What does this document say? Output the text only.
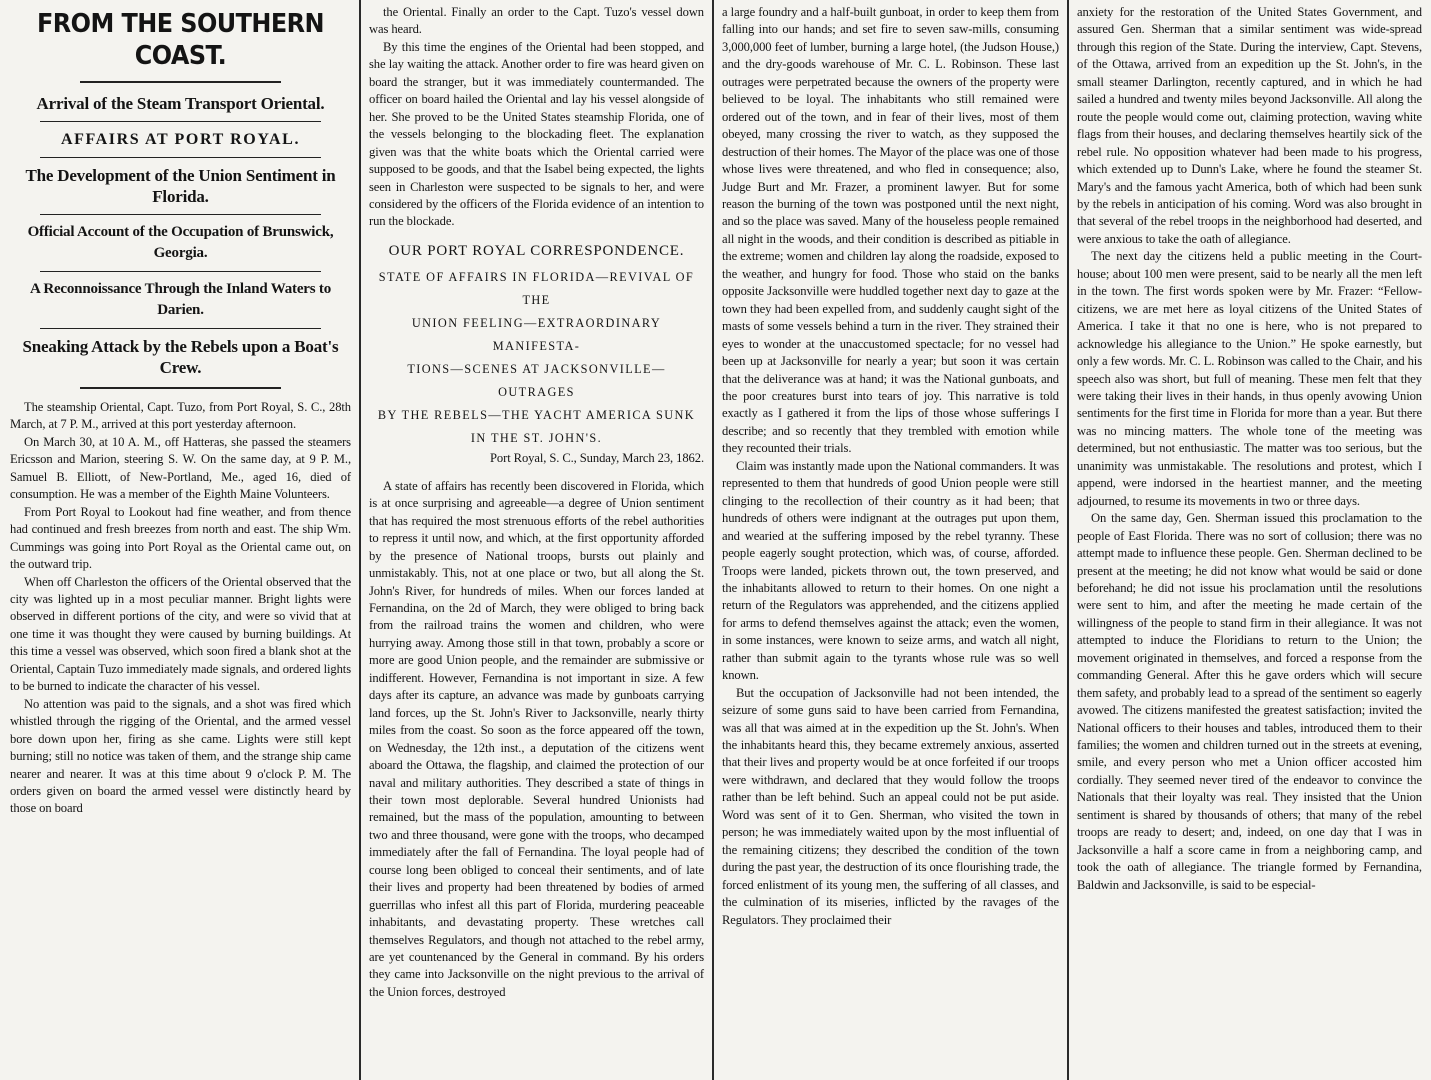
FROM THE SOUTHERN COAST.
Arrival of the Steam Transport Oriental.
AFFAIRS AT PORT ROYAL.
The Development of the Union Sentiment in Florida.
Official Account of the Occupation of Brunswick, Georgia.
A Reconnoissance Through the Inland Waters to Darien.
Sneaking Attack by the Rebels upon a Boat's Crew.

The steamship Oriental, Capt. Tuzo, from Port Royal, S. C., 28th March, at 7 P. M., arrived at this port yesterday afternoon.

On March 30, at 10 A. M., off Hatteras, she passed the steamers Ericsson and Marion, steering S. W. On the same day, at 9 P. M., Samuel B. Elliott, of New-Portland, Me., aged 16, died of consumption. He was a member of the Eighth Maine Volunteers.

From Port Royal to Lookout had fine weather, and from thence had continued and fresh breezes from north and east. The ship Wm. Cummings was going into Port Royal as the Oriental came out, on the outward trip.

When off Charleston the officers of the Oriental observed that the city was lighted up in a most peculiar manner. Bright lights were observed in different portions of the city, and were so vivid that at one time it was thought they were caused by burning buildings. At this time a vessel was observed, which soon fired a blank shot at the Oriental, Captain Tuzo immediately made signals, and ordered lights to be burned to indicate the character of his vessel.

No attention was paid to the signals, and a shot was fired which whistled through the rigging of the Oriental, and the armed vessel bore down upon her, firing as she came. Lights were still kept burning; still no notice was taken of them, and the strange ship came nearer and nearer. It was at this time about 9 o'clock P. M. The orders given on board the armed vessel were distinctly heard by those on board

the Oriental. Finally an order to the Capt. Tuzo's vessel down was heard.

By this time the engines of the Oriental had been stopped, and she lay waiting the attack. Another order to fire was heard given on board the stranger, but it was immediately countermanded. The officer on board hailed the Oriental and lay his vessel alongside of her. She proved to be the United States steamship Florida, one of the vessels belonging to the blockading fleet. The explanation given was that the white boats which the Oriental carried were supposed to be goods, and that the Isabel being expected, the lights seen in Charleston were suspected to be signals to her, and were considered by the officers of the Florida evidence of an intention to run the blockade.

OUR PORT ROYAL CORRESPONDENCE.

STATE OF AFFAIRS IN FLORIDA—REVIVAL OF THE

UNION FEELING—EXTRAORDINARY MANIFESTA-

TIONS—SCENES AT JACKSONVILLE—OUTRAGES

BY THE REBELS—THE YACHT AMERICA SUNK

IN THE ST. JOHN'S.

Port Royal, S. C., Sunday, March 23, 1862.

A state of affairs has recently been discovered in Florida, which is at once surprising and agreeable—a degree of Union sentiment that has required the most strenuous efforts of the rebel authorities to repress it until now, and which, at the first opportunity afforded by the presence of National troops, bursts out plainly and unmistakably. This, not at one place or two, but all along the St. John's River, for hundreds of miles. When our forces landed at Fernandina, on the 2d of March, they were obliged to bring back from the railroad trains the women and children, who were hurrying away. Among those still in that town, probably a score or more are good Union people, and the remainder are submissive or indifferent. However, Fernandina is not important in size. A few days after its capture, an advance was made by gunboats carrying land forces, up the St. John's River to Jacksonville, nearly thirty miles from the coast. So soon as the force appeared off the town, on Wednesday, the 12th inst., a deputation of the citizens went aboard the Ottawa, the flagship, and claimed the protection of our naval and military authorities. They described a state of things in their town most deplorable. Several hundred Unionists had remained, but the mass of the population, amounting to between two and three thousand, were gone with the troops, who decamped immediately after the fall of Fernandina. The loyal people had of course long been obliged to conceal their sentiments, and of late their lives and property had been threatened by bodies of armed guerrillas who infest all this part of Florida, murdering peaceable inhabitants, and devastating property. These wretches call themselves Regulators, and though not attached to the rebel army, are yet countenanced by the General in command. By his orders they came into Jacksonville on the night previous to the arrival of the Union forces, destroyed

a large foundry and a half-built gunboat, in order to keep them from falling into our hands; and set fire to seven saw-mills, consuming 3,000,000 feet of lumber, burning a large hotel, (the Judson House,) and the dry-goods warehouse of Mr. C. L. Robinson. These last outrages were perpetrated because the owners of the property were believed to be loyal. The inhabitants who still remained were ordered out of the town, and in fear of their lives, most of them obeyed, many crossing the river to watch, as they supposed the destruction of their homes. The Mayor of the place was one of those whose lives were threatened, and who fled in consequence; also, Judge Burt and Mr. Frazer, a prominent lawyer. But for some reason the burning of the town was postponed until the next night, and so the place was saved. Many of the houseless people remained all night in the woods, and their condition is described as pitiable in the extreme; women and children lay along the roadside, exposed to the weather, and hungry for food. Those who staid on the banks opposite Jacksonville were huddled together next day to gaze at the town they had been expelled from, and suddenly caught sight of the masts of some vessels behind a turn in the river. They strained their eyes to wonder at the unaccustomed spectacle; for no vessel had been up at Jacksonville for nearly a year; but soon it was certain that the deliverance was at hand; it was the National gunboats, and the poor creatures burst into tears of joy. This narrative is told exactly as I gathered it from the lips of those whose sufferings I describe; and so recently that they trembled with emotion while they recounted their trials.

Claim was instantly made upon the National commanders. It was represented to them that hundreds of good Union people were still clinging to the recollection of their country as it had been; that hundreds of others were indignant at the outrages put upon them, and wearied at the suffering imposed by the rebel tyranny. These people eagerly sought protection, which was, of course, afforded. Troops were landed, pickets thrown out, the town preserved, and the inhabitants allowed to return to their homes. On one night a return of the Regulators was apprehended, and the citizens applied for arms to defend themselves against the attack; even the women, in some instances, were known to seize arms, and watch all night, rather than submit again to the tyrants whose rule was so well known.

But the occupation of Jacksonville had not been intended, the seizure of some guns said to have been carried from Fernandina, was all that was aimed at in the expedition up the St. John's. When the inhabitants heard this, they became extremely anxious, asserted that their lives and property would be at once forfeited if our troops were withdrawn, and declared that they would follow the troops rather than be left behind. Such an appeal could not be put aside. Word was sent of it to Gen. Sherman, who visited the town in person; he was immediately waited upon by the most influential of the remaining citizens; they described the condition of the town during the past year, the destruction of its once flourishing trade, the forced enlistment of its young men, the suffering of all classes, and the culmination of its miseries, inflicted by the ravages of the Regulators. They proclaimed their

anxiety for the restoration of the United States Government, and assured Gen. Sherman that a similar sentiment was wide-spread through this region of the State. During the interview, Capt. Stevens, of the Ottawa, arrived from an expedition up the St. John's, in the small steamer Darlington, recently captured, and in which he had sailed a hundred and twenty miles beyond Jacksonville. All along the route the people would come out, claiming protection, waving white flags from their houses, and declaring themselves heartily sick of the rebel rule. No opposition whatever had been made to his progress, which extended up to Dunn's Lake, where he found the steamer St. Mary's and the famous yacht America, both of which had been sunk by the rebels in anticipation of his coming. Word was also brought in that several of the rebel troops in the neighborhood had deserted, and were anxious to take the oath of allegiance.

The next day the citizens held a public meeting in the Court-house; about 100 men were present, said to be nearly all the men left in the town. The first words spoken were by Mr. Frazer: “Fellow-citizens, we are met here as loyal citizens of the United States of America. I take it that no one is here, who is not prepared to acknowledge his allegiance to the Union.” He spoke earnestly, but only a few words. Mr. C. L. Robinson was called to the Chair, and his speech also was short, but full of meaning. These men felt that they were taking their lives in their hands, in thus openly avowing Union sentiments for the first time in Florida for more than a year. But there was no mincing matters. The whole tone of the meeting was determined, but not enthusiastic. The matter was too serious, but the unanimity was unmistakable. The resolutions and protest, which I append, were indorsed in the heartiest manner, and the meeting adjourned, to resume its movements in two or three days.

On the same day, Gen. Sherman issued this proclamation to the people of East Florida. There was no sort of collusion; there was no attempt made to influence these people. Gen. Sherman declined to be present at the meeting; he did not know what would be said or done beforehand; he did not issue his proclamation until the resolutions were sent to him, and after the meeting he made certain of the willingness of the people to stand firm in their allegiance. It was not attempted to induce the Floridians to return to the Union; the movement originated in themselves, and forced a response from the commanding General. After this he gave orders which will secure them safety, and probably lead to a spread of the sentiment so eagerly avowed. The citizens manifested the greatest satisfaction; invited the National officers to their houses and tables, introduced them to their families; the women and children turned out in the streets at evening, smile, and every person who met a Union officer accosted him cordially. They seemed never tired of the endeavor to convince the Nationals that their loyalty was real. They insisted that the Union sentiment is shared by thousands of others; that many of the rebel troops are ready to desert; and, indeed, on one day that I was in Jacksonville a half a score came in from a neighboring camp, and took the oath of allegiance. The triangle formed by Fernandina, Baldwin and Jacksonville, is said to be especial-
